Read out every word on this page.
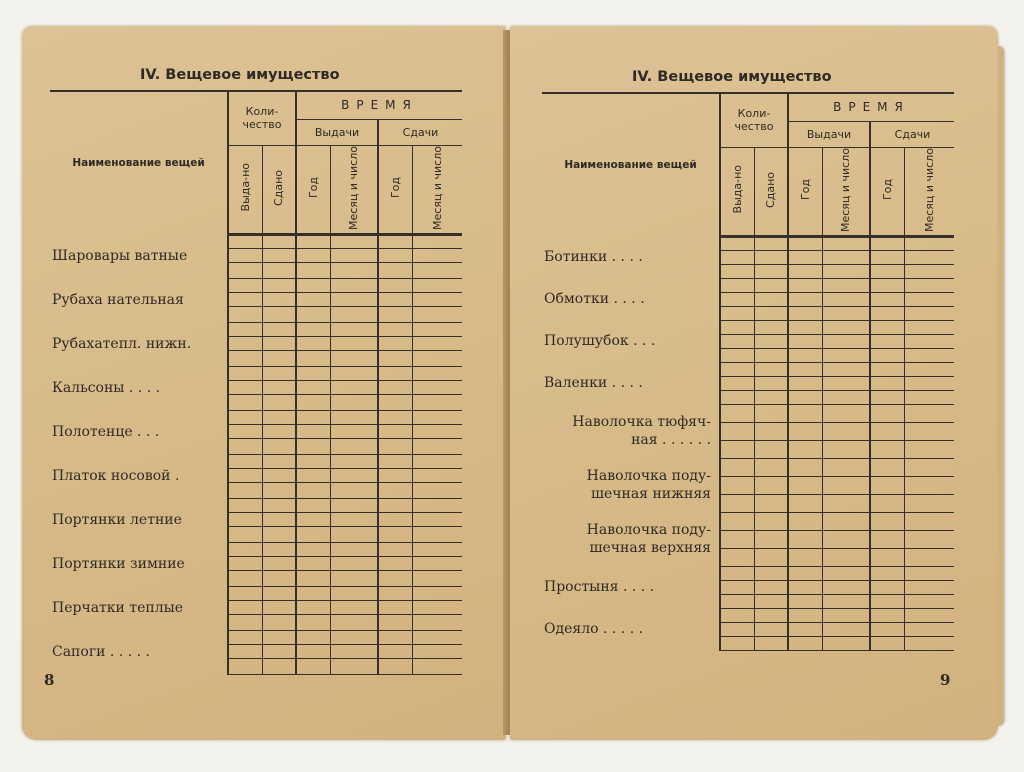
IV. Вещевое имущество
Наименование вещей	Коли-чество		ВРЕМЯ			
			Выдачи		Сдачи	
	Выда-но	Сдано	Год	Месяц и число	Год	Месяц и число
Шаровары ватные						

Рубаха нательная						

Рубахатепл. нижн.						

Кальсоны . . . .						

Полотенце . . .						

Платок носовой .						

Портянки летние						

Портянки зимние						

Перчатки теплые						

Сапоги . . . . .						

8
IV. Вещевое имущество
Наименование вещей	Коли-чество		ВРЕМЯ			
			Выдачи		Сдачи	
	Выда-но	Сдано	Год	Месяц и число	Год	Месяц и число

Ботинки . . . .						

Обмотки . . . .						

Полушубок . . .						

Валенки . . . .						

Наволочка тюфяч-
ная . . . . . .						

Наволочка поду-
шечная нижняя						

Наволочка поду-
шечная верхняя						

Простыня . . . .						

Одеяло . . . . .						

9
